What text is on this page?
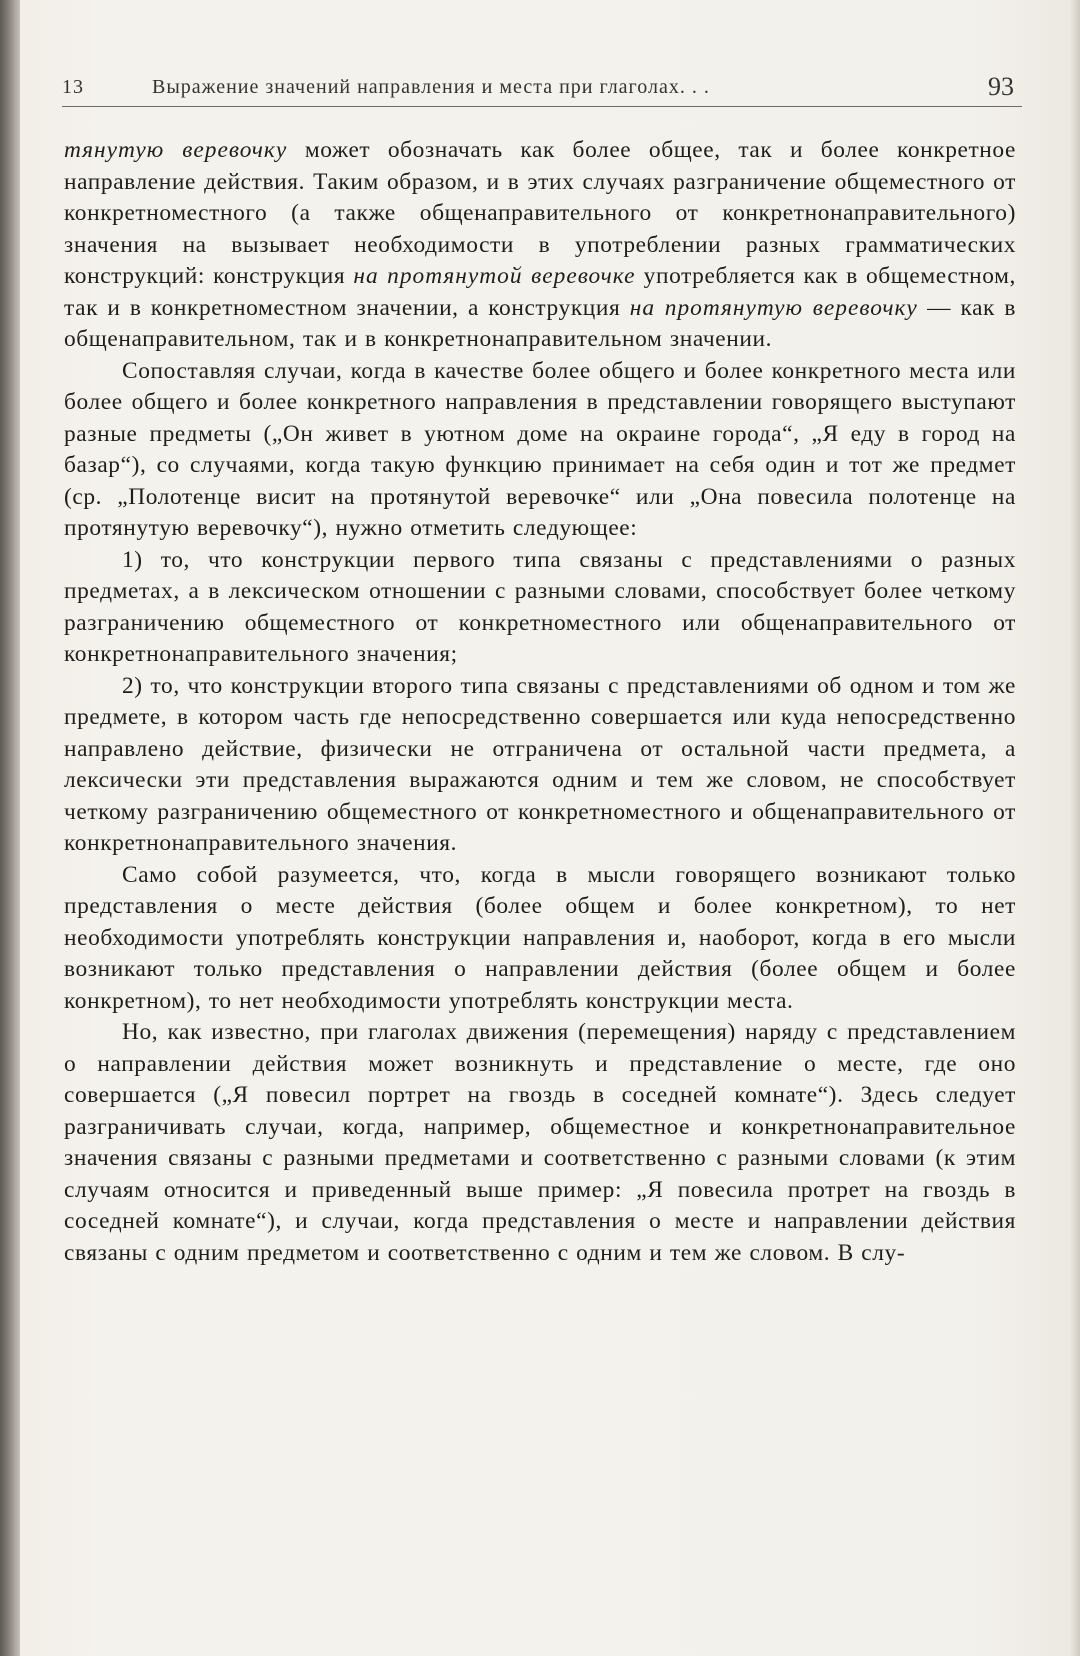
13	Выражение значений направления и места при глаголах. . .	93

тянутую веревочку может обозначать как более общее, так и более конкретное направление действия. Таким образом, и в этих случаях разграничение общеместного от конкретноместного (а также общенаправительного от конкретнонаправительного) значения на вызывает необходимости в употреблении разных грамматических конструкций: конструкция на протянутой веревочке употребляется как в общеместном, так и в конкретноместном значении, а конструкция на протянутую веревочку — как в общенаправительном, так и в конкретнонаправительном значении.

Сопоставляя случаи, когда в качестве более общего и более конкретного места или более общего и более конкретного направления в представлении говорящего выступают разные предметы („Он живет в уютном доме на окраине города“, „Я еду в город на базар“), со случаями, когда такую функцию принимает на себя один и тот же предмет (ср. „Полотенце висит на протянутой веревочке“ или „Она повесила полотенце на протянутую веревочку“), нужно отметить следующее:

1) то, что конструкции первого типа связаны с представлениями о разных предметах, а в лексическом отношении с разными словами, способствует более четкому разграничению общеместного от конкретноместного или общенаправительного от конкретнонаправительного значения;

2) то, что конструкции второго типа связаны с представлениями об одном и том же предмете, в котором часть где непосредственно совершается или куда непосредственно направлено действие, физически не отграничена от остальной части предмета, а лексически эти представления выражаются одним и тем же словом, не способствует четкому разграничению общеместного от конкретноместного и общенаправительного от конкретнонаправительного значения.

Само собой разумеется, что, когда в мысли говорящего возникают только представления о месте действия (более общем и более конкретном), то нет необходимости употреблять конструкции направления и, наоборот, когда в его мысли возникают только представления о направлении действия (более общем и более конкретном), то нет необходимости употреблять конструкции места.

Но, как известно, при глаголах движения (перемещения) наряду с представлением о направлении действия может возникнуть и представление о месте, где оно совершается („Я повесил портрет на гвоздь в соседней комнате“). Здесь следует разграничивать случаи, когда, например, общеместное и конкретнонаправительное значения связаны с разными предметами и соответственно с разными словами (к этим случаям относится и приведенный выше пример: „Я повесила протрет на гвоздь в соседней комнате“), и случаи, когда представления о месте и направлении действия связаны с одним предметом и соответственно с одним и тем же словом. В слу-
